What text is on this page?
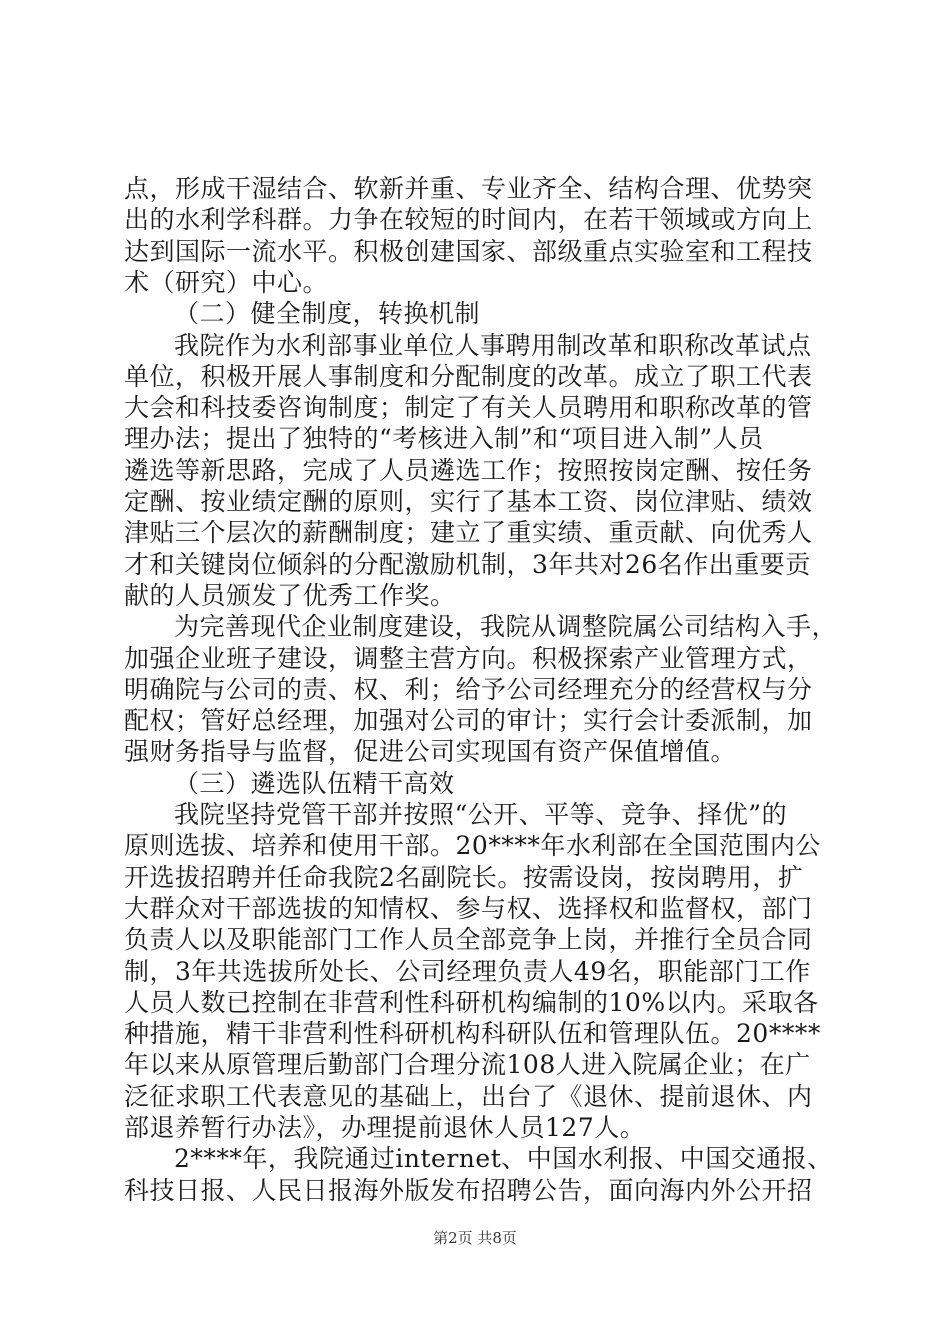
点，形成干湿结合、软新并重、专业齐全、结构合理、优势突
出的水利学科群。力争在较短的时间内，在若干领域或方向上
达到国际一流水平。积极创建国家、部级重点实验室和工程技
术（研究）中心。
（二）健全制度，转换机制
我院作为水利部事业单位人事聘用制改革和职称改革试点
单位，积极开展人事制度和分配制度的改革。成立了职工代表
大会和科技委咨询制度；制定了有关人员聘用和职称改革的管
理办法；提出了独特的“考核进入制”和“项目进入制”人员
遴选等新思路，完成了人员遴选工作；按照按岗定酬、按任务
定酬、按业绩定酬的原则，实行了基本工资、岗位津贴、绩效
津贴三个层次的薪酬制度；建立了重实绩、重贡献、向优秀人
才和关键岗位倾斜的分配激励机制，3年共对26名作出重要贡
献的人员颁发了优秀工作奖。
为完善现代企业制度建设，我院从调整院属公司结构入手，
加强企业班子建设，调整主营方向。积极探索产业管理方式，
明确院与公司的责、权、利；给予公司经理充分的经营权与分
配权；管好总经理，加强对公司的审计；实行会计委派制，加
强财务指导与监督，促进公司实现国有资产保值增值。
（三）遴选队伍精干高效
我院坚持党管干部并按照“公开、平等、竞争、择优”的
原则选拔、培养和使用干部。20****年水利部在全国范围内公
开选拔招聘并任命我院2名副院长。按需设岗，按岗聘用，扩
大群众对干部选拔的知情权、参与权、选择权和监督权，部门
负责人以及职能部门工作人员全部竞争上岗，并推行全员合同
制，3年共选拔所处长、公司经理负责人49名，职能部门工作
人员人数已控制在非营利性科研机构编制的10%以内。采取各
种措施，精干非营利性科研机构科研队伍和管理队伍。20****
年以来从原管理后勤部门合理分流108人进入院属企业；在广
泛征求职工代表意见的基础上，出台了《退休、提前退休、内
部退养暂行办法》，办理提前退休人员127人。
2****年，我院通过internet、中国水利报、中国交通报、
科技日报、人民日报海外版发布招聘公告，面向海内外公开招
第2页 共8页
